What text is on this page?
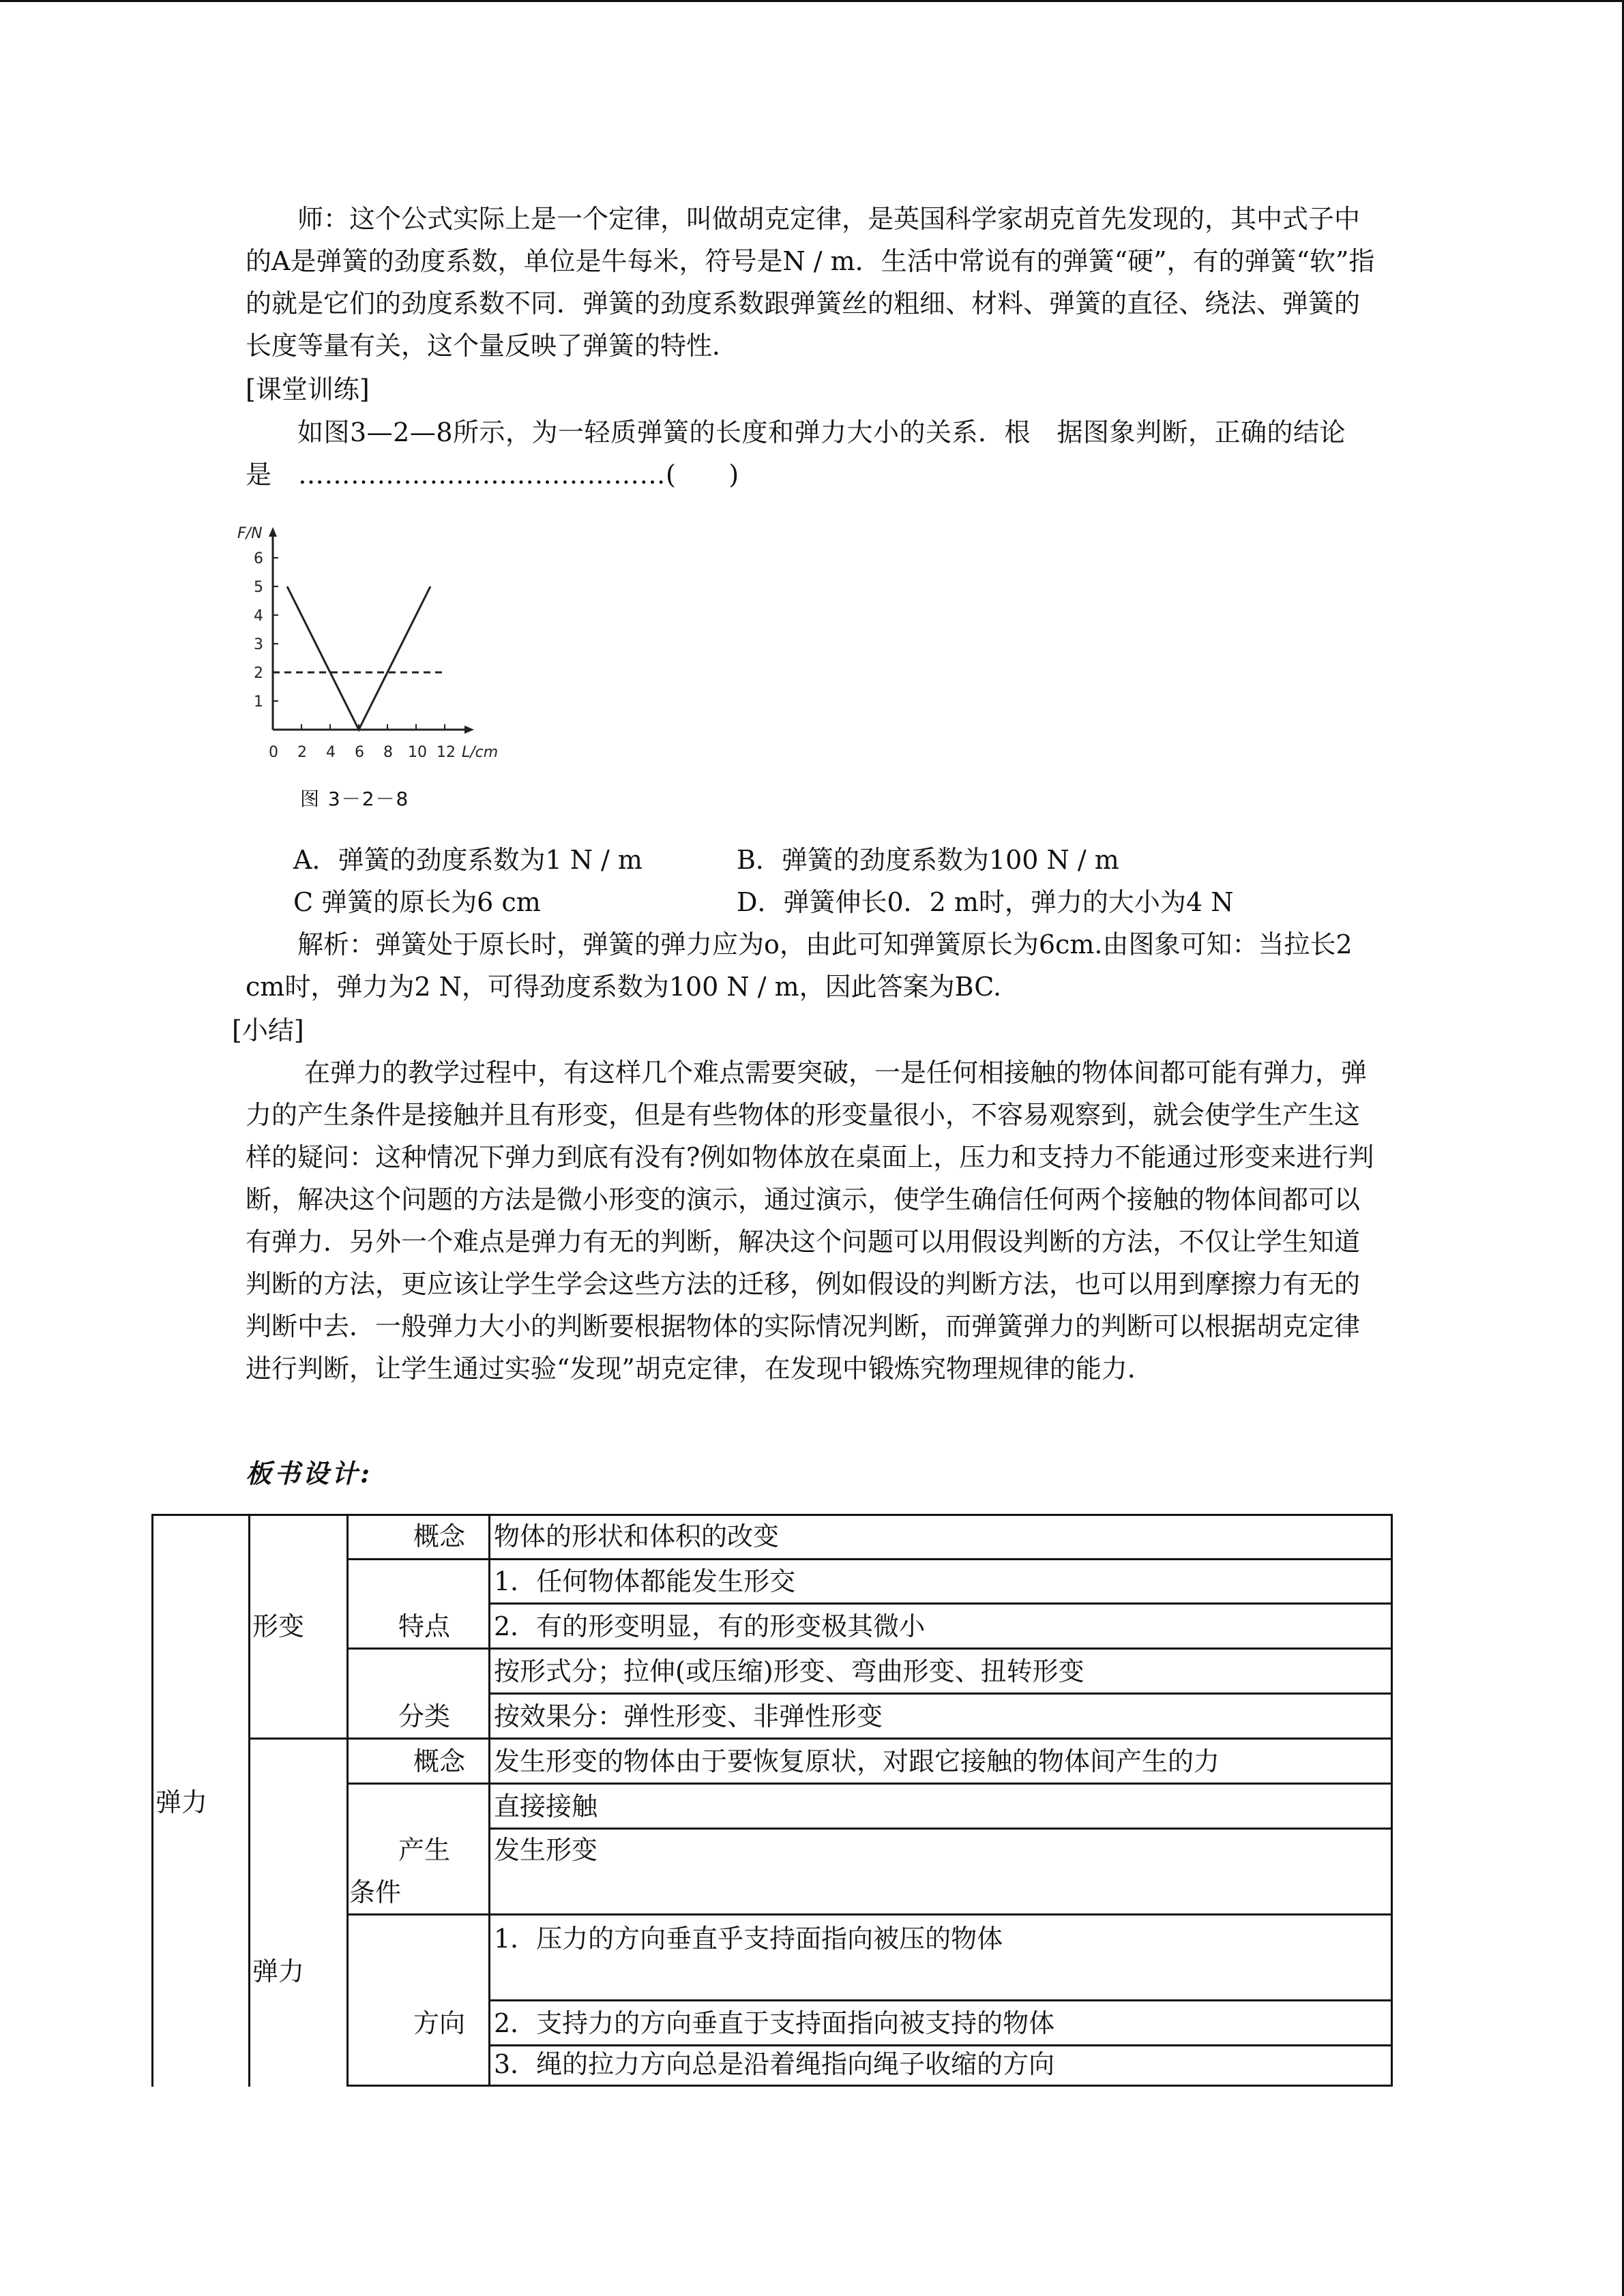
师：这个公式实际上是一个定律，叫做胡克定律，是英国科学家胡克首先发现的，其中式子中的A是弹簧的劲度系数，单位是牛每米，符号是N / m．生活中常说有的弹簧“硬”，有的弹簧“软”指的就是它们的劲度系数不同．弹簧的劲度系数跟弹簧丝的粗细、材料、弹簧的直径、绕法、弹簧的长度等量有关，这个量反映了弹簧的特性．

[课堂训练]

如图3—2—8所示，为一轻质弹簧的长度和弹力大小的关系．根　据图象判断，正确的结论是　……………………………………(　　)

F/N
L/cm
1
2
3
4
5
6
0 2 4 6 8 10 12
图 3－2－8
A．弹簧的劲度系数为1 N / m	B．弹簧的劲度系数为100 N / m
C 弹簧的原长为6 cm	D．弹簧伸长0．2 m时，弹力的大小为4 N

解析：弹簧处于原长时，弹簧的弹力应为o，由此可知弹簧原长为6cm.由图象可知：当拉长2 cm时，弹力为2 N，可得劲度系数为100 N / m，因此答案为BC.

[小结]

在弹力的教学过程中，有这样几个难点需要突破，一是任何相接触的物体间都可能有弹力，弹力的产生条件是接触并且有形变，但是有些物体的形变量很小，不容易观察到，就会使学生产生这样的疑问：这种情况下弹力到底有没有?例如物体放在桌面上，压力和支持力不能通过形变来进行判断，解决这个问题的方法是微小形变的演示，通过演示，使学生确信任何两个接触的物体间都可以有弹力．另外一个难点是弹力有无的判断，解决这个问题可以用假设判断的方法，不仅让学生知道判断的方法，更应该让学生学会这些方法的迁移，例如假设的判断方法，也可以用到摩擦力有无的判断中去．一般弹力大小的判断要根据物体的实际情况判断，而弹簧弹力的判断可以根据胡克定律进行判断，让学生通过实验“发现”胡克定律，在发现中锻炼究物理规律的能力．

板书设计:
弹力
形变
弹力
概念 物体的形状和体积的改变
特点
1．任何物体都能发生形交
2．有的形变明显，有的形变极其微小
分类
按形式分；拉伸(或压缩)形变、弯曲形变、扭转形变
按效果分：弹性形变、非弹性形变
概念 发生形变的物体由于要恢复原状，对跟它接触的物体间产生的力
产生
条件
直接接触
发生形变
方向
1．压力的方向垂直乎支持面指向被压的物体
2．支持力的方向垂直于支持面指向被支持的物体
3．绳的拉力方向总是沿着绳指向绳子收缩的方向
